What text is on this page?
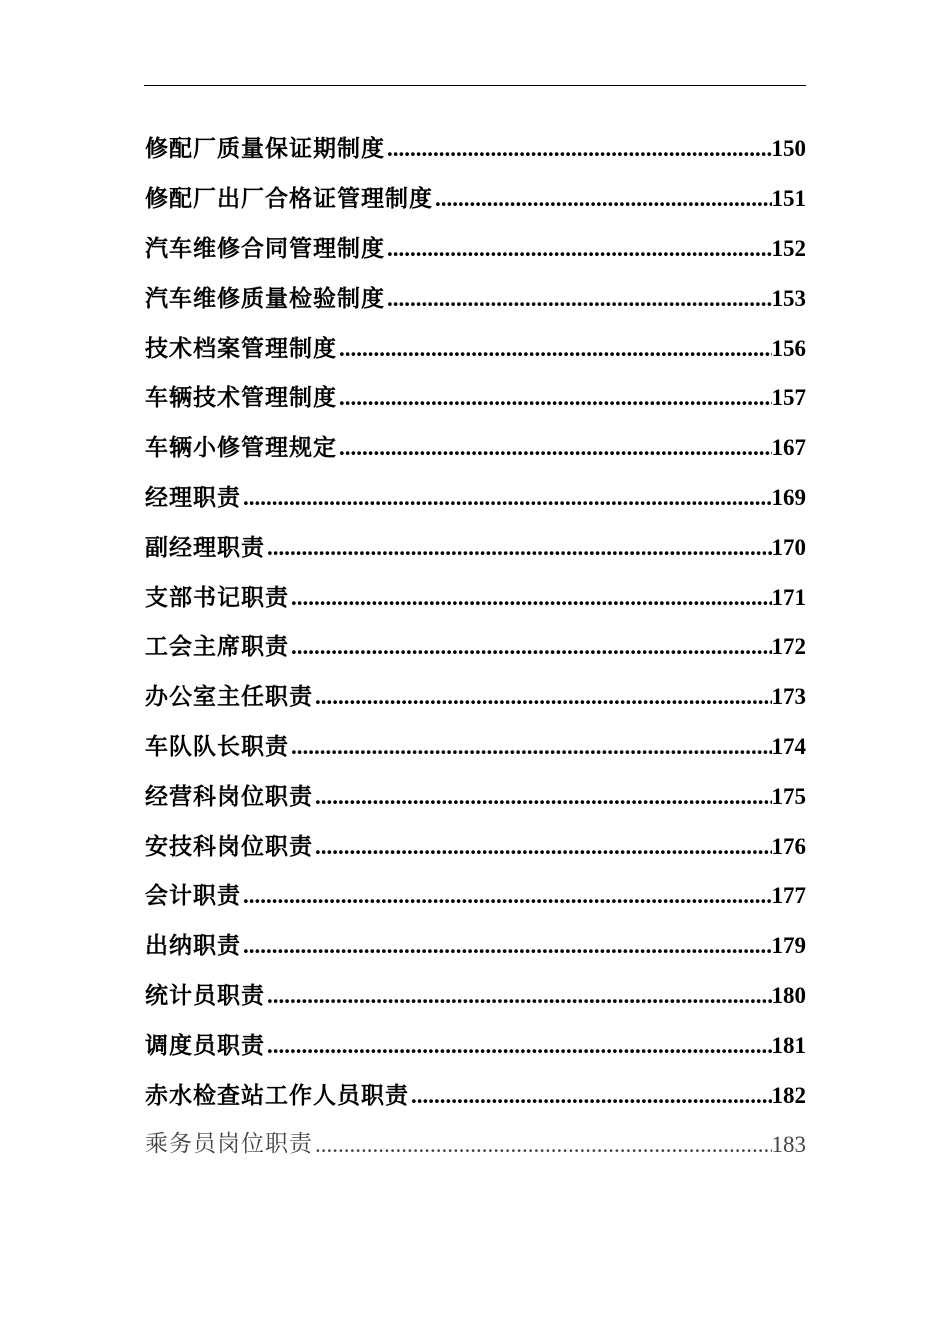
修配厂质量保证期制度 .....	150
修配厂出厂合格证管理制度 .....	151
汽车维修合同管理制度 .....	152
汽车维修质量检验制度 .....	153
技术档案管理制度 .....	156
车辆技术管理制度 .....	157
车辆小修管理规定 .....	167
经理职责 .....	169
副经理职责 .....	170
支部书记职责 .....	171
工会主席职责 .....	172
办公室主任职责 .....	173
车队队长职责 .....	174
经营科岗位职责 .....	175
安技科岗位职责 .....	176
会计职责 .....	177
出纳职责 .....	179
统计员职责 .....	180
调度员职责 .....	181
赤水检查站工作人员职责 .....	182
乘务员岗位职责 .....	183
